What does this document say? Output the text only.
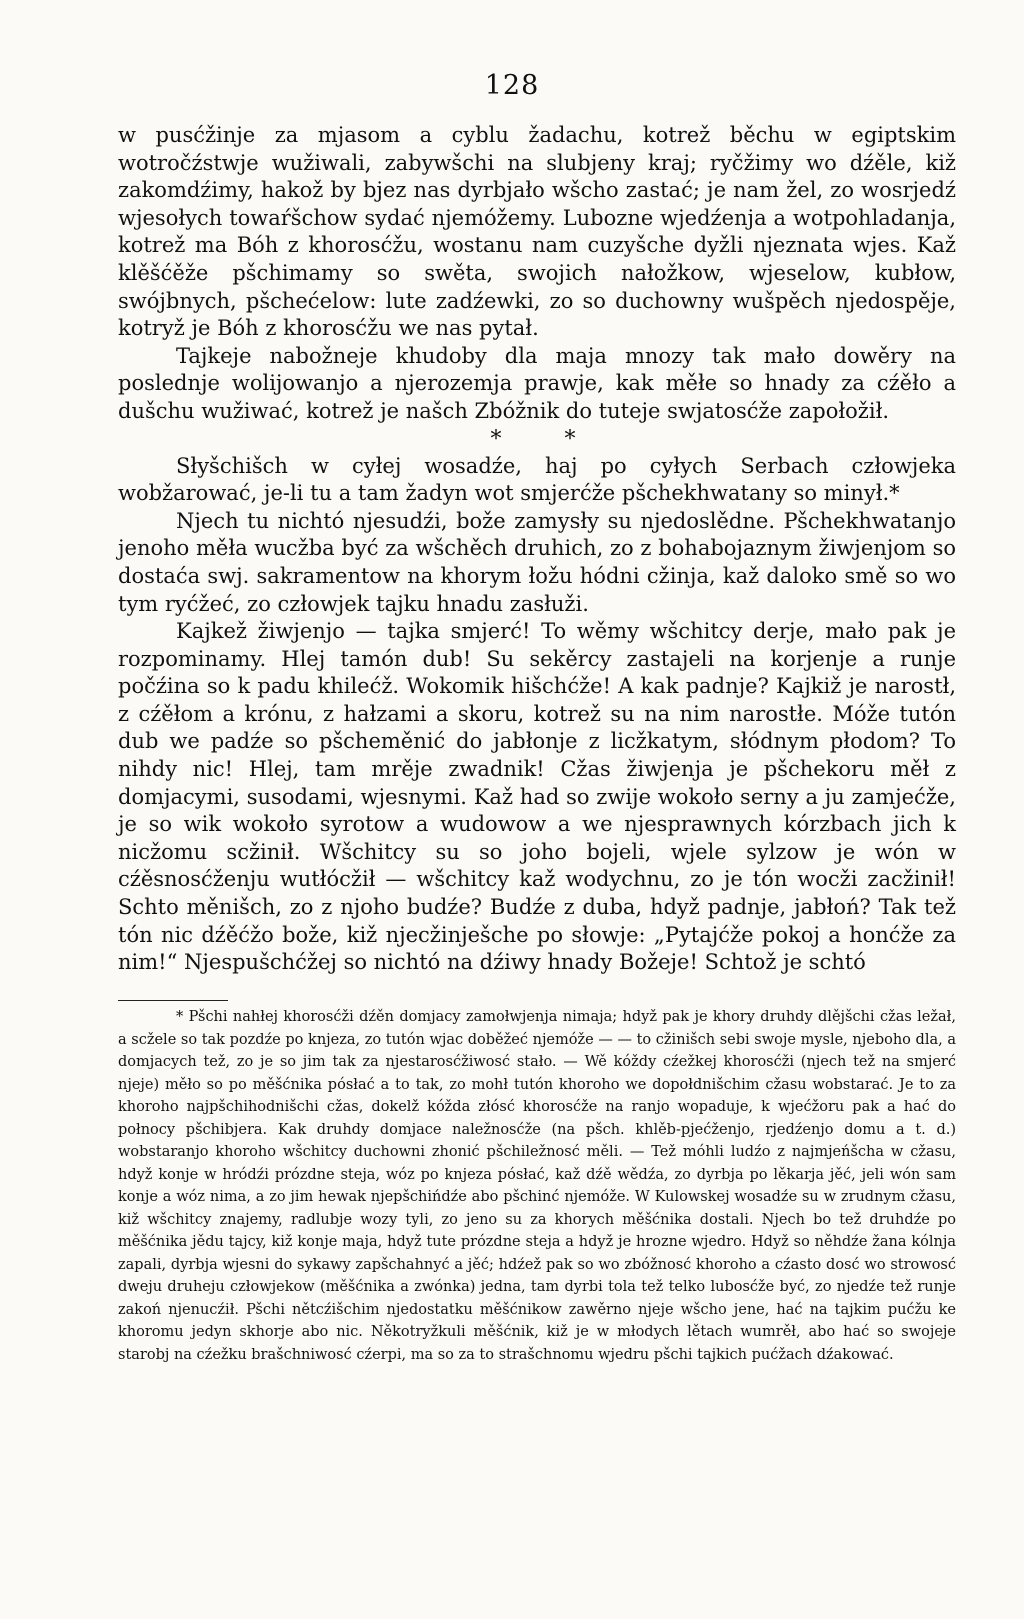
128

w pusćžinje za mjasom a cyblu žadachu, kotrež běchu w egiptskim wotročźstwje wužiwali, zabywšchi na slubjeny kraj; ryčžimy wo dźěle, kiž zakomdźimy, hakož by bjez nas dyrbjało wšcho zastać; je nam žel, zo wosrjedź wjesołych towaŕšchow sydać njemóžemy. Lubozne wjedźenja a wotpohladanja, kotrež ma Bóh z khorosćžu, wostanu nam cuzyšche dyžli njeznata wjes. Kaž klěšćěže pšchimamy so swěta, swojich nałožkow, wjeselow, kubłow, swójbnych, pšchećelow: lute zadźewki, zo so duchowny wušpěch njedospěje, kotryž je Bóh z khorosćžu we nas pytał.

Tajkeje nabožneje khudoby dla maja mnozy tak mało dowěry na poslednje wolijowanjo a njerozemja prawje, kak měłe so hnady za cźěło a dušchu wužiwać, kotrež je našch Zbóžnik do tuteje swjatosćže zapołožił.

* *

Słyšchišch w cyłej wosadźe, haj po cyłych Serbach człowjeka wobžarować, je-li tu a tam žadyn wot smjerćže pšchekhwatany so minył.*

Njech tu nichtó njesudźi, bože zamysły su njedoslědne. Pšchekhwatanjo jenoho měła wucžba być za wšchěch druhich, zo z bohabojaznym žiwjenjom so dostaća swj. sakramentow na khorym łožu hódni cžinja, kaž daloko smě so wo tym ryćžeć, zo człowjek tajku hnadu zasłuži.

Kajkež žiwjenjo — tajka smjerć! To wěmy wšchitcy derje, mało pak je rozpominamy. Hlej tamón dub! Su sekěrcy zastajeli na korjenje a runje počźina so k padu khilećž. Wokomik hišchćže! A kak padnje? Kajkiž je narostł, z cźěłom a krónu, z hałzami a skoru, kotrež su na nim narostłe. Móže tutón dub we padźe so pšcheměnić do jabłonje z licžkatym, słódnym płodom? To nihdy nic! Hlej, tam mrěje zwadnik! Cžas žiwjenja je pšchekoru měł z domjacymi, susodami, wjesnymi. Kaž had so zwije wokoło serny a ju zamjećže, je so wik wokoło syrotow a wudowow a we njesprawnych kórzbach jich k nicžomu scžinił. Wšchitcy su so joho bojeli, wjele sylzow je wón w cźěsnosćženju wutłócžił — wšchitcy kaž wodychnu, zo je tón wocži zacžinił! Schto měnišch, zo z njoho budźe? Budźe z duba, hdyž padnje, jabłoń? Tak tež tón nic dźěćžo bože, kiž njecžinješche po słowje: „Pytajćže pokoj a honćže za nim!“ Njespušchćžej so nichtó na dźiwy hnady Božeje! Schtož je schtó

* Pšchi nahłej khorosćži dźěn domjacy zamołwjenja nimaja; hdyž pak je khory druhdy dlějšchi cžas ležał, a scžele so tak pozdźe po knjeza, zo tutón wjac doběžeć njemóže — — to cžinišch sebi swoje mysle, njeboho dla, a domjacych tež, zo je so jim tak za njestarosćžiwosć stało. — Wě kóždy cźežkej khorosćži (njech tež na smjerć njeje) měło so po měšćnika pósłać a to tak, zo mohł tutón khoroho we dopołdnišchim cžasu wobstarać. Je to za khoroho najpšchihodnišchi cžas, dokelž kóžda złósć khorosćže na ranjo wopaduje, k wjećžoru pak a hać do połnocy pšchibjera. Kak druhdy domjace naležnosćže (na pšch. khlěb-pjećženjo, rjedźenjo domu a t. d.) wobstaranjo khoroho wšchitcy duchowni zhonić pšchiležnosć měli. — Tež móhli ludźo z najmjeńšcha w cžasu, hdyž konje w hródźi prózdne steja, wóz po knjeza pósłać, kaž dźě wědźa, zo dyrbja po lěkarja jěć, jeli wón sam konje a wóz nima, a zo jim hewak njepšchińdźe abo pšchinć njemóže. W Kulowskej wosadźe su w zrudnym cžasu, kiž wšchitcy znajemy, radlubje wozy tyli, zo jeno su za khorych měšćnika dostali. Njech bo tež druhdźe po měšćnika jědu tajcy, kiž konje maja, hdyž tute prózdne steja a hdyž je hrozne wjedro. Hdyž so něhdźe žana kólnja zapali, dyrbja wjesni do sykawy zapšchahnyć a jěć; hdźež pak so wo zbóžnosć khoroho a cźasto dosć wo strowosć dweju druheju człowjekow (měšćnika a zwónka) jedna, tam dyrbi tola tež telko lubosćže być, zo njedźe tež runje zakoń njenucźił. Pšchi nětcźišchim njedostatku měšćnikow zawěrno njeje wšcho jene, hać na tajkim pućžu ke khoromu jedyn skhorje abo nic. Někotryžkuli měšćnik, kiž je w młodych lětach wumrěł, abo hać so swojeje starobj na cźežku brašchniwosć cźerpi, ma so za to strašchnomu wjedru pšchi tajkich pućžach dźakować.
